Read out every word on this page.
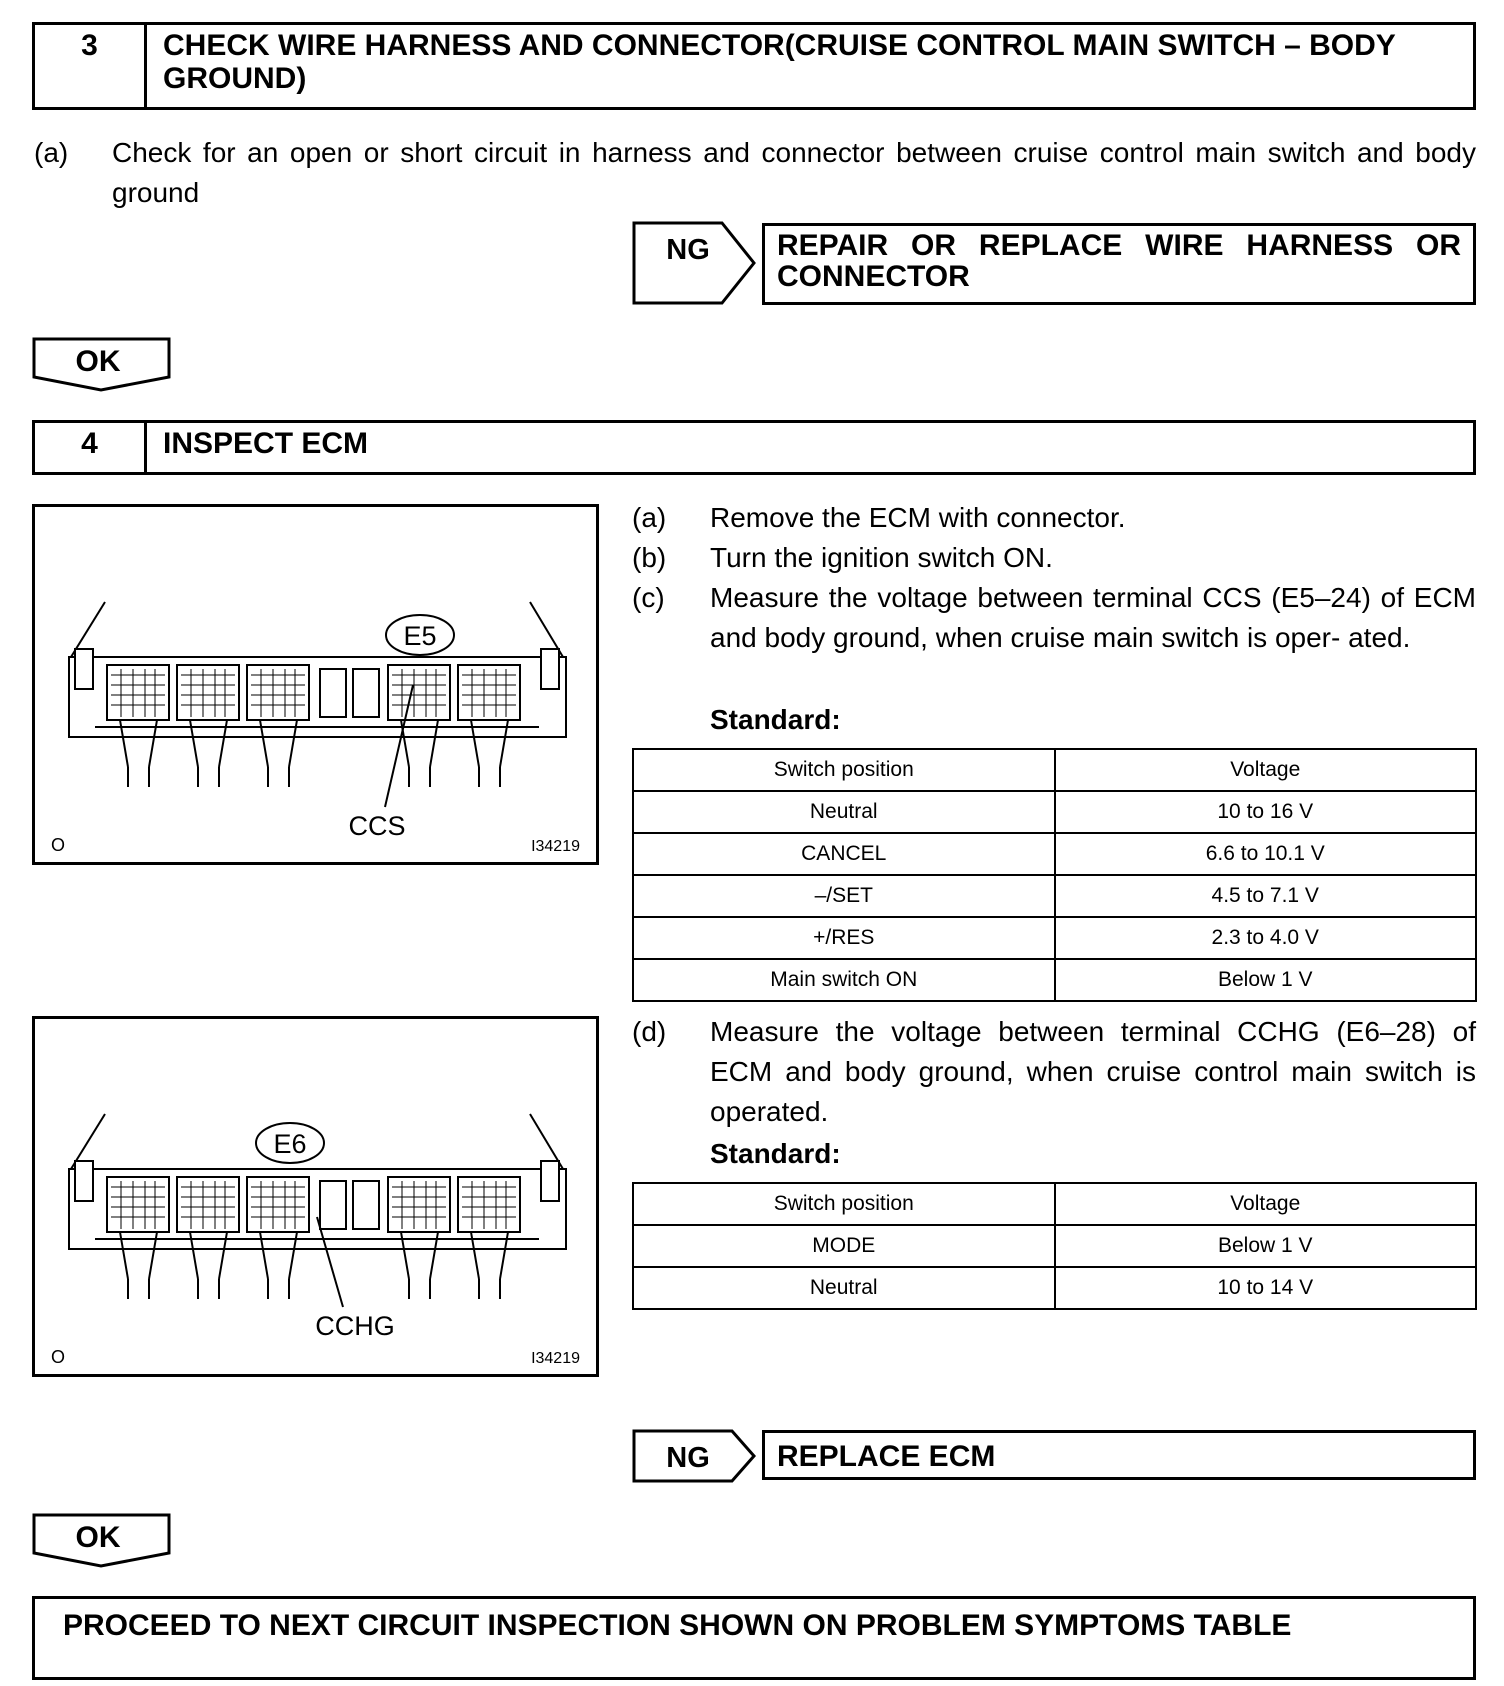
3	CHECK WIRE HARNESS AND CONNECTOR(CRUISE CONTROL MAIN SWITCH – BODY GROUND)
(a) Check for an open or short circuit in harness and connector between cruise control main switch and body ground
NG	REPAIR OR REPLACE WIRE HARNESS OR CONNECTOR
OK
4	INSPECT ECM
E5
CCS
O	I34219
(a) Remove the ECM with connector.
(b) Turn the ignition switch ON.
(c) Measure the voltage between terminal CCS (E5–24) of ECM and body ground, when cruise main switch is oper- ated.
Standard:
Switch position	Voltage
Neutral	10 to 16 V
CANCEL	6.6 to 10.1 V
–/SET	4.5 to 7.1 V
+/RES	2.3 to 4.0 V
Main switch ON	Below 1 V
E6
CCHG
O	I34219
(d) Measure the voltage between terminal CCHG (E6–28) of ECM and body ground, when cruise control main switch is operated.
Standard:
Switch position	Voltage
MODE	Below 1 V
Neutral	10 to 14 V
NG	REPLACE ECM
OK
PROCEED TO NEXT CIRCUIT INSPECTION SHOWN ON PROBLEM SYMPTOMS TABLE
